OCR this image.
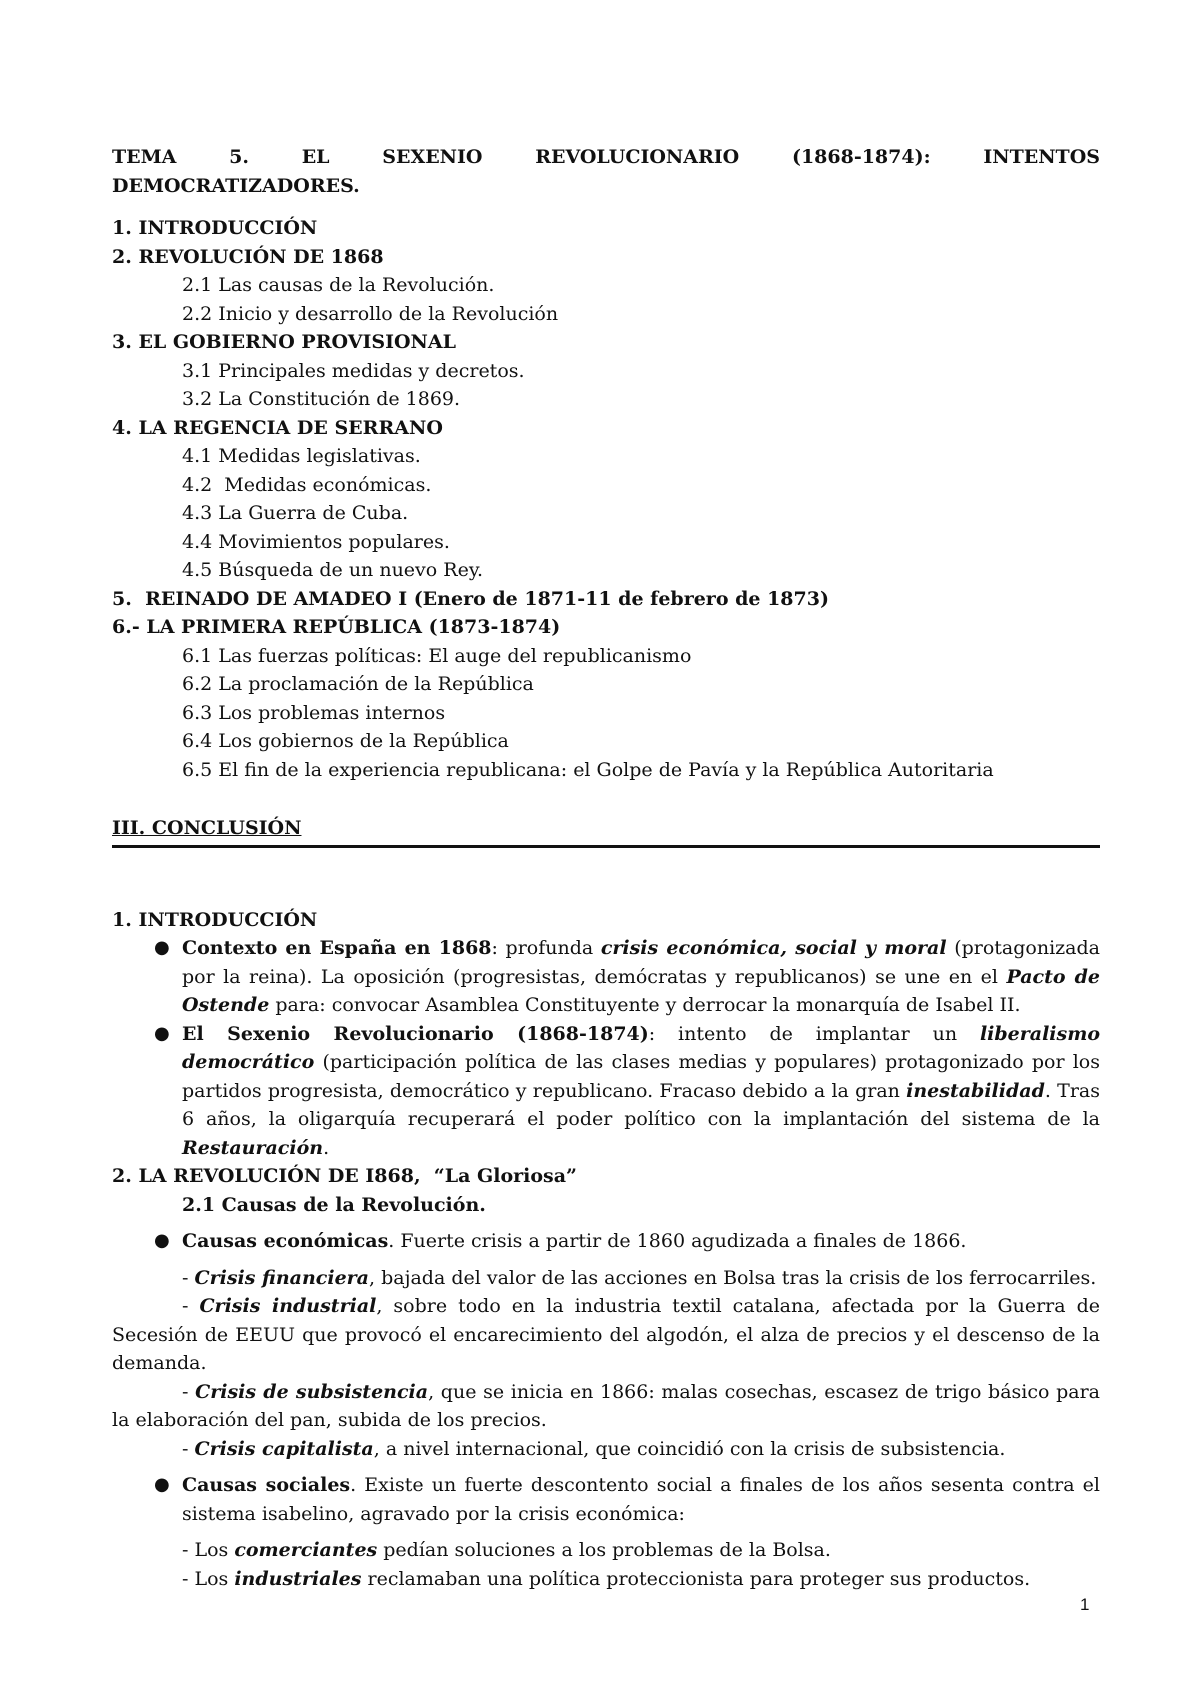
TEMA	5.	EL	SEXENIO	REVOLUCIONARIO	(1868-1874):	INTENTOS

DEMOCRATIZADORES.

1. INTRODUCCIÓN

2. REVOLUCIÓN DE 1868

2.1 Las causas de la Revolución.

2.2 Inicio y desarrollo de la Revolución

3. EL GOBIERNO PROVISIONAL

3.1 Principales medidas y decretos.

3.2 La Constitución de 1869.

4. LA REGENCIA DE SERRANO

4.1 Medidas legislativas.

4.2  Medidas económicas.

4.3 La Guerra de Cuba.

4.4 Movimientos populares.

4.5 Búsqueda de un nuevo Rey.

5.  REINADO DE AMADEO I (Enero de 1871-11 de febrero de 1873)

6.- LA PRIMERA REPÚBLICA (1873-1874)

6.1 Las fuerzas políticas: El auge del republicanismo

6.2 La proclamación de la República

6.3 Los problemas internos

6.4 Los gobiernos de la República

6.5 El fin de la experiencia republicana: el Golpe de Pavía y la República Autoritaria

III. CONCLUSIÓN

1. INTRODUCCIÓN

● Contexto en España en 1868: profunda crisis económica, social y moral (protagonizada por la reina). La oposición (progresistas, demócratas y republicanos) se une en el Pacto de Ostende para: convocar Asamblea Constituyente y derrocar la monarquía de Isabel II.
● El Sexenio Revolucionario (1868-1874): intento de implantar un liberalismo democrático (participación política de las clases medias y populares) protagonizado por los partidos progresista, democrático y republicano. Fracaso debido a la gran inestabilidad. Tras 6 años, la oligarquía recuperará el poder político con la implantación del sistema de la Restauración.

2. LA REVOLUCIÓN DE I868,  “La Gloriosa”

2.1 Causas de la Revolución.

● Causas económicas. Fuerte crisis a partir de 1860 agudizada a finales de 1866.

- Crisis financiera, bajada del valor de las acciones en Bolsa tras la crisis de los ferrocarriles.

- Crisis industrial, sobre todo en la industria textil catalana, afectada por la Guerra de Secesión de EEUU que provocó el encarecimiento del algodón, el alza de precios y el descenso de la demanda.

- Crisis de subsistencia, que se inicia en 1866: malas cosechas, escasez de trigo básico para la elaboración del pan, subida de los precios.

- Crisis capitalista, a nivel internacional, que coincidió con la crisis de subsistencia.

● Causas sociales. Existe un fuerte descontento social a finales de los años sesenta contra el sistema isabelino, agravado por la crisis económica:

- Los comerciantes pedían soluciones a los problemas de la Bolsa.

- Los industriales reclamaban una política proteccionista para proteger sus productos.

1
